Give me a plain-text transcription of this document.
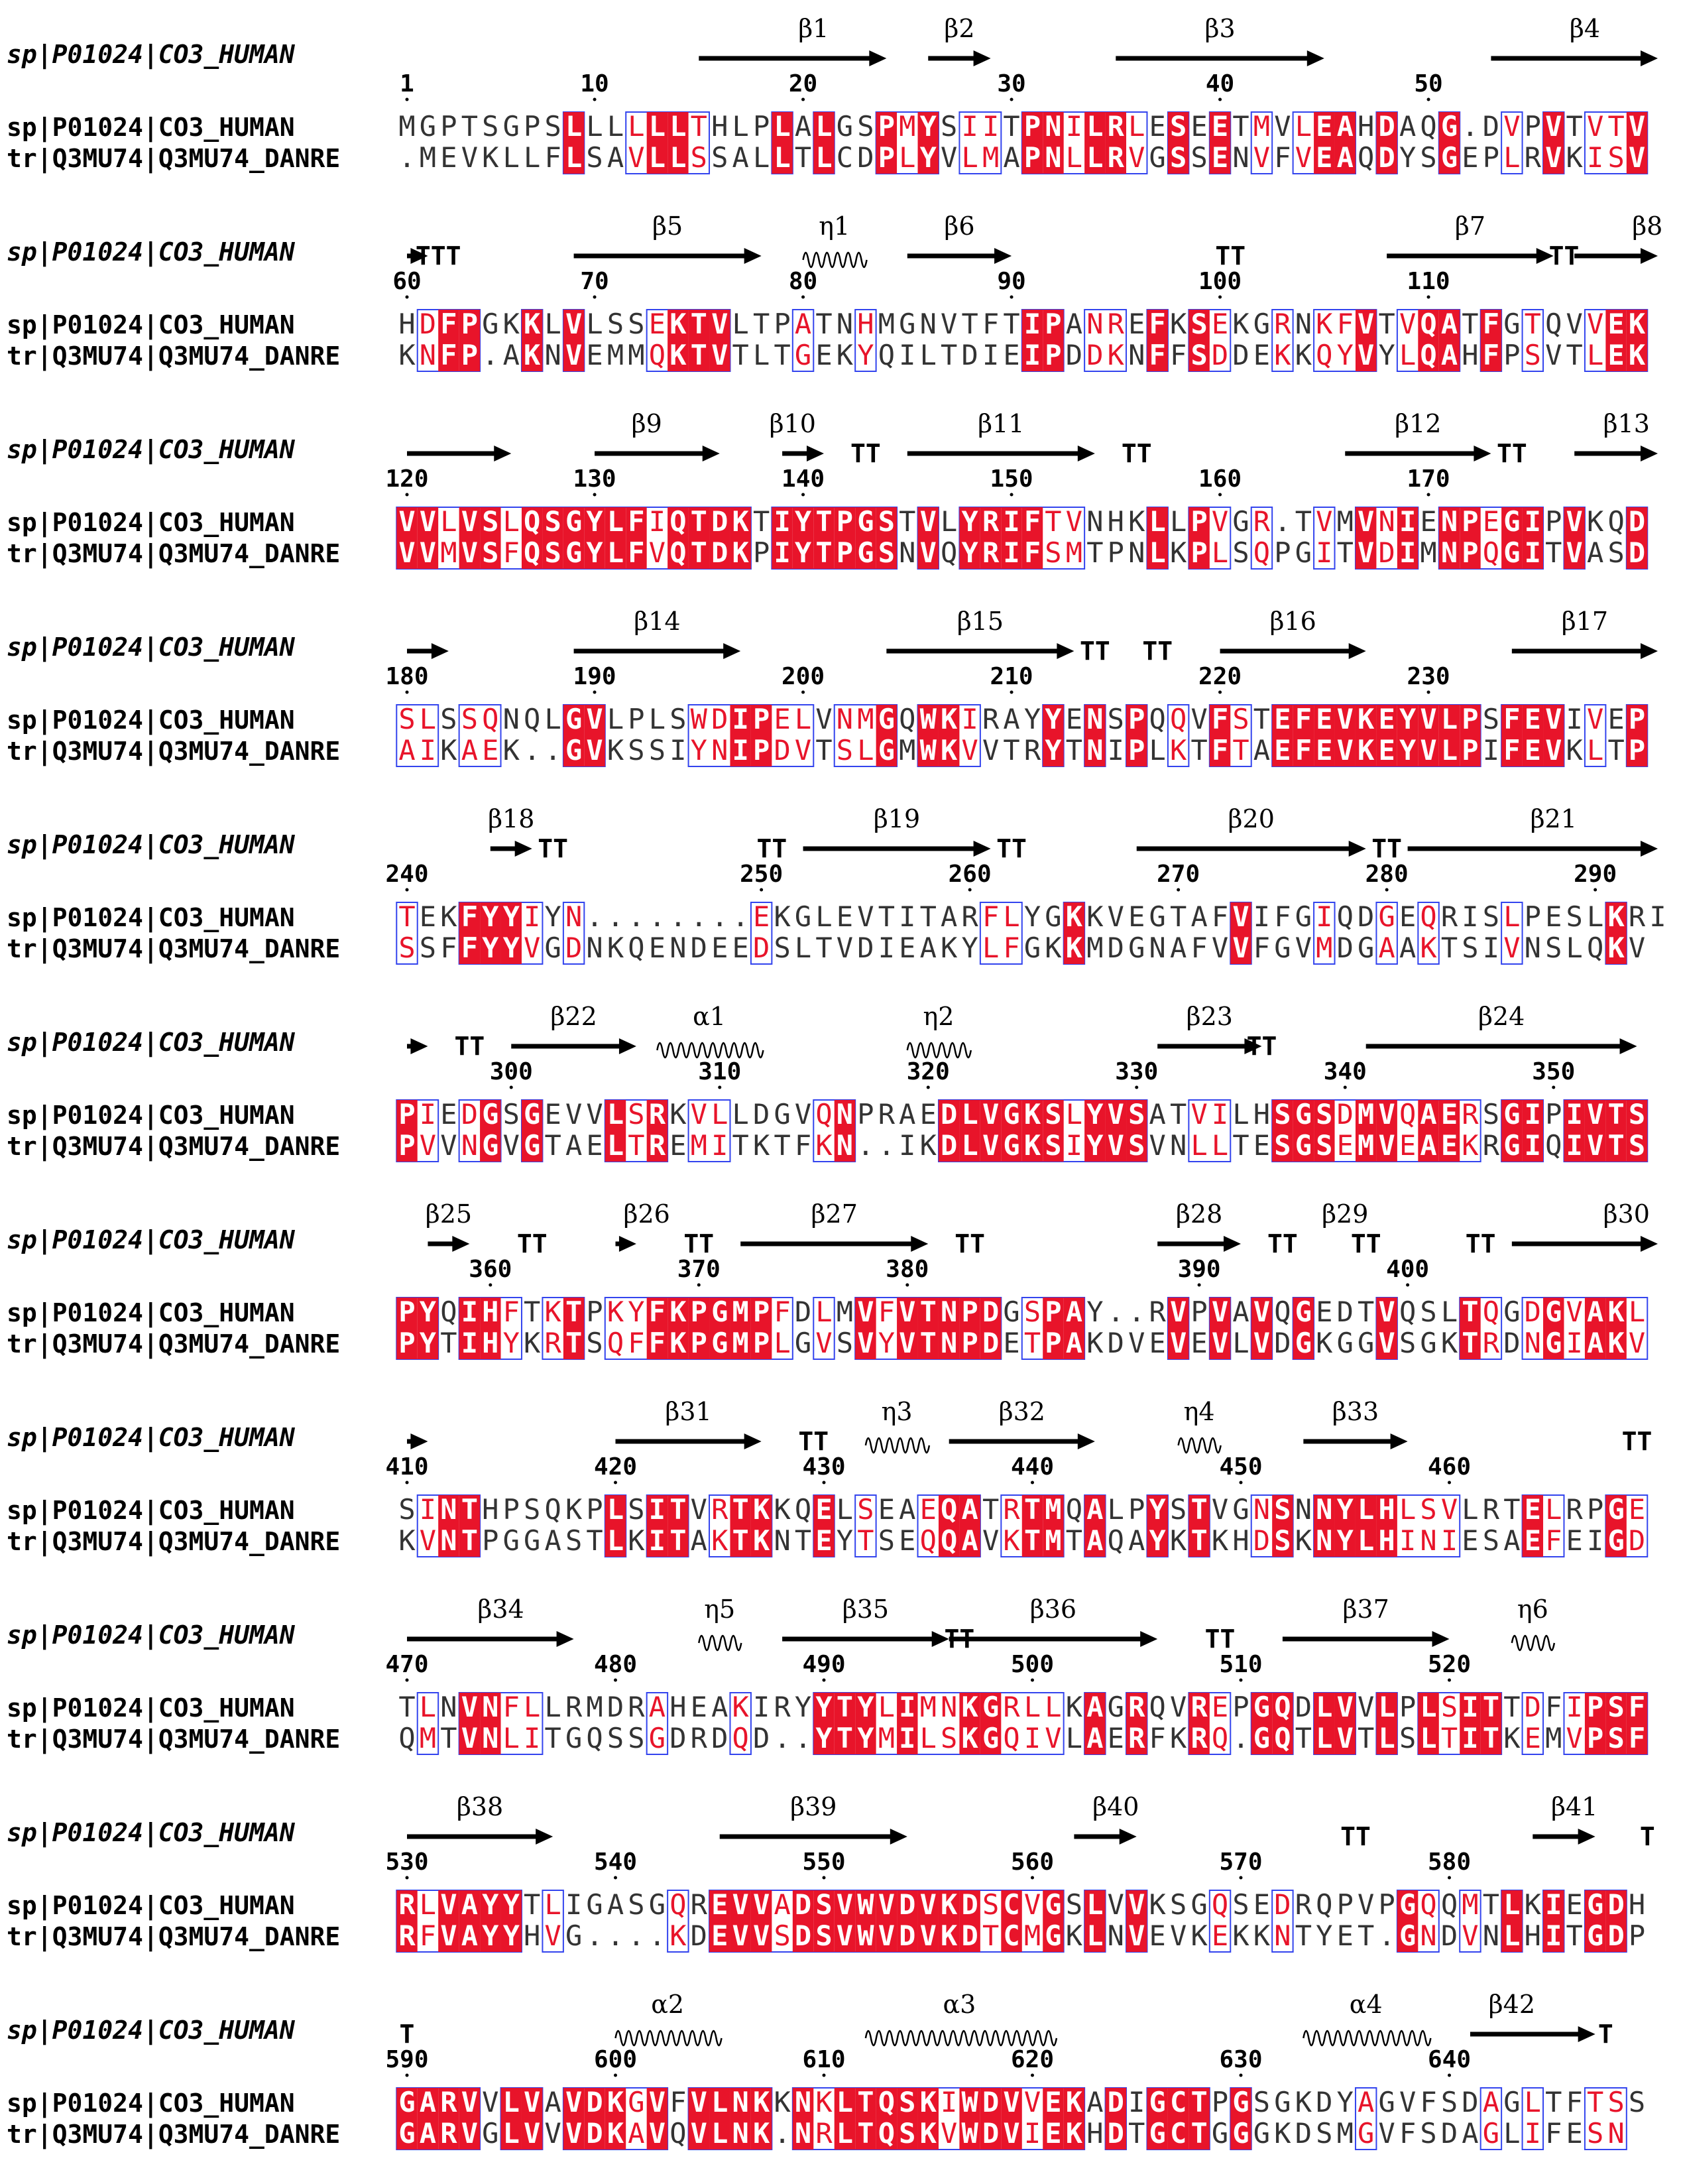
sp|P01024|CO3_HUMAN
sp|P01024|CO3_HUMAN
tr|Q3MU74|Q3MU74_DANRE
M G P T S G P S L L L L L L T H L P L A L G S P M Y S I I T P N I L R L E S E E T M V L E A H D A Q G . D V P V T V T V
. M E V K L L F L S A V L L S S A L L T L C D P L Y V L M A P N L L R V G S S E N V F V E A Q D Y S G E P L R V K I S V
1	10	20	30	40	50
β1	β2	β3	β4
sp|P01024|CO3_HUMAN
sp|P01024|CO3_HUMAN
tr|Q3MU74|Q3MU74_DANRE
H D F P G K K L V L S S E K T V L T P A T N H M G N V T F T I P A N R E F K S E K G R N K F V T V Q A T F G T Q V V E K
K N F P . A K N V E M M Q K T V T L T G E K Y Q I L T D I E I P D D K N F F S D D E K K Q Y V Y L Q A H F P S V T L E K
60	70	80	90	100	110
β5	η1	β6	β7	β8
TTT	TT	TT
sp|P01024|CO3_HUMAN
sp|P01024|CO3_HUMAN
tr|Q3MU74|Q3MU74_DANRE
V V L V S L Q S G Y L F I Q T D K T I Y T P G S T V L Y R I F T V N H K L L P V G R . T V M V N I E N P E G I P V K Q D
V V M V S F Q S G Y L F V Q T D K P I Y T P G S N V Q Y R I F S M T P N L K P L S Q P G I T V D I M N P Q G I T V A S D
120	130	140	150	160	170
β9	β10	β11	β12	β13
TT	TT	TT
sp|P01024|CO3_HUMAN
sp|P01024|CO3_HUMAN
tr|Q3MU74|Q3MU74_DANRE
S L S S Q N Q L G V L P L S W D I P E L V N M G Q W K I R A Y Y E N S P Q Q V F S T E F E V K E Y V L P S F E V I V E P
A I K A E K . . G V K S S I Y N I P D V T S L G M W K V V T R Y T N I P L K T F T A E F E V K E Y V L P I F E V K L T P
180	190	200	210	220	230
β14	β15	β16	β17
TT TT
sp|P01024|CO3_HUMAN
sp|P01024|CO3_HUMAN
tr|Q3MU74|Q3MU74_DANRE
T E K F Y Y I Y N . . . . . . . . E K G L E V T I T A R F L Y G K K V E G T A F V I F G I Q D G E Q R I S L P E S L K R I
S S F F Y Y V G D N K Q E N D E E D S L T V D I E A K Y L F G K K M D G N A F V V F G V M D G A A K T S I V N S L Q K V
240	250	260	270	280	290
β18	β19	β20	β21
TT	TT	TT	TT
sp|P01024|CO3_HUMAN
sp|P01024|CO3_HUMAN
tr|Q3MU74|Q3MU74_DANRE
P I E D G S G E V V L S R K V L L D G V Q N P R A E D L V G K S L Y V S A T V I L H S G S D M V Q A E R S G I P I V T S
P V V N G V G T A E L T R E M I T K T F K N . . I K D L V G K S I Y V S V N L L T E S G S E M V E A E K R G I Q I V T S
300	310	320	330	340	350
β22	α1	η2	β23	β24
TT	TT
sp|P01024|CO3_HUMAN
sp|P01024|CO3_HUMAN
tr|Q3MU74|Q3MU74_DANRE
P Y Q I H F T K T P K Y F K P G M P F D L M V F V T N P D G S P A Y . . R V P V A V Q G E D T V Q S L T Q G D G V A K L
P Y T I H Y K R T S Q F F K P G M P L G V S V Y V T N P D E T P A K D V E V E V L V D G K G G V S G K T R D N G I A K V
360	370	380	390	400
β25	β26	β27	β28	β29	β30
TT	TT	TT	TT TT	TT
sp|P01024|CO3_HUMAN
sp|P01024|CO3_HUMAN
tr|Q3MU74|Q3MU74_DANRE
S I N T H P S Q K P L S I T V R T K K Q E L S E A E Q A T R T M Q A L P Y S T V G N S N N Y L H L S V L R T E L R P G E
K V N T P G G A S T L K I T A K T K N T E Y T S E Q Q A V K T M T A Q A Y K T K H D S K N Y L H I N I E S A E F E I G D
410	420	430	440	450	460
β31	η3	β32	η4	β33
TT	TT
sp|P01024|CO3_HUMAN
sp|P01024|CO3_HUMAN
tr|Q3MU74|Q3MU74_DANRE
T L N V N F L L R M D R A H E A K I R Y Y T Y L I M N K G R L L K A G R Q V R E P G Q D L V V L P L S I T T D F I P S F
Q M T V N L I T G Q S S G D R D Q D . . Y T Y M I L S K G Q I V L A E R F K R Q . G Q T L V T L S L T I T K E M V P S F
470	480	490	500	510	520
β34	η5	β35	β36	β37	η6
TT	TT
sp|P01024|CO3_HUMAN
sp|P01024|CO3_HUMAN
tr|Q3MU74|Q3MU74_DANRE
R L V A Y Y T L I G A S G Q R E V V A D S V W V D V K D S C V G S L V V K S G Q S E D R Q P V P G Q Q M T L K I E G D H
R F V A Y Y H V G . . . . K D E V V S D S V W V D V K D T C M G K L N V E V K E K K N T Y E T . G N D V N L H I T G D P
530	540	550	560	570	580
β38	β39	β40	β41
TT	T
sp|P01024|CO3_HUMAN
sp|P01024|CO3_HUMAN
tr|Q3MU74|Q3MU74_DANRE
G A R V V L V A V D K G V F V L N K K N K L T Q S K I W D V V E K A D I G C T P G S G K D Y A G V F S D A G L T F T S S
G A R V G L V V V D K A V Q V L N K . N R L T Q S K V W D V I E K H D T G C T G G G K D S M G V F S D A G L I F E S N
590	600	610	620	630	640
α2	α3	α4	β42
T	T
